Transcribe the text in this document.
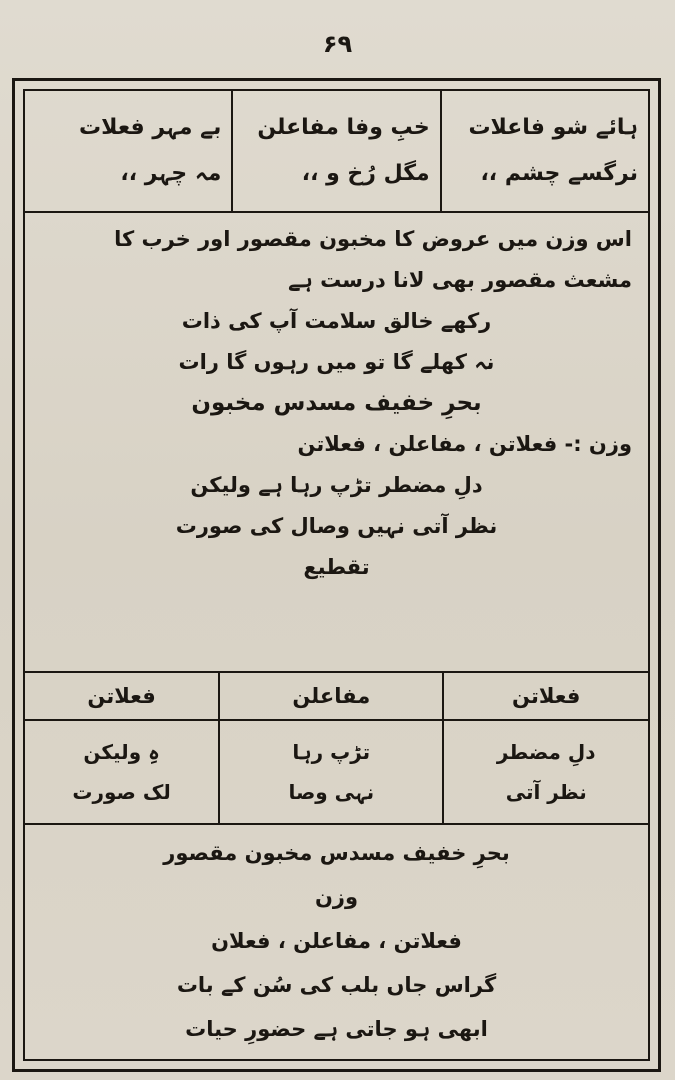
۶۹
ہائے شو فاعلات
نرگسے چشم ،،
خبِ وفا مفاعلن
مگل رُخ و ،،
بے مہر فعلات
مہ چہر ،،
اس وزن میں عروض کا مخبون مقصور اور خرب کا
مشعث مقصور بھی لانا درست ہے
رکھے خالق سلامت آپ کی ذات
نہ کھلے گا تو میں رہوں گا رات
بحرِ خفیف مسدس مخبون
وزن :- فعلاتن ، مفاعلن ، فعلاتن
دلِ مضطر تڑپ رہا ہے ولیکن
نظر آتی نہیں وصال کی صورت
تقطیع
فعلاتن
دلِ مضطر
نظر آتی
مفاعلن
تڑپ رہا
نہی وصا
فعلاتن
ہِ ولیکن
لک صورت
بحرِ خفیف مسدس مخبون مقصور
وزن
فعلاتن ، مفاعلن ، فعلان
گراس جاں بلب کی سُن کے بات
ابھی ہو جاتی ہے حضورِ حیات
